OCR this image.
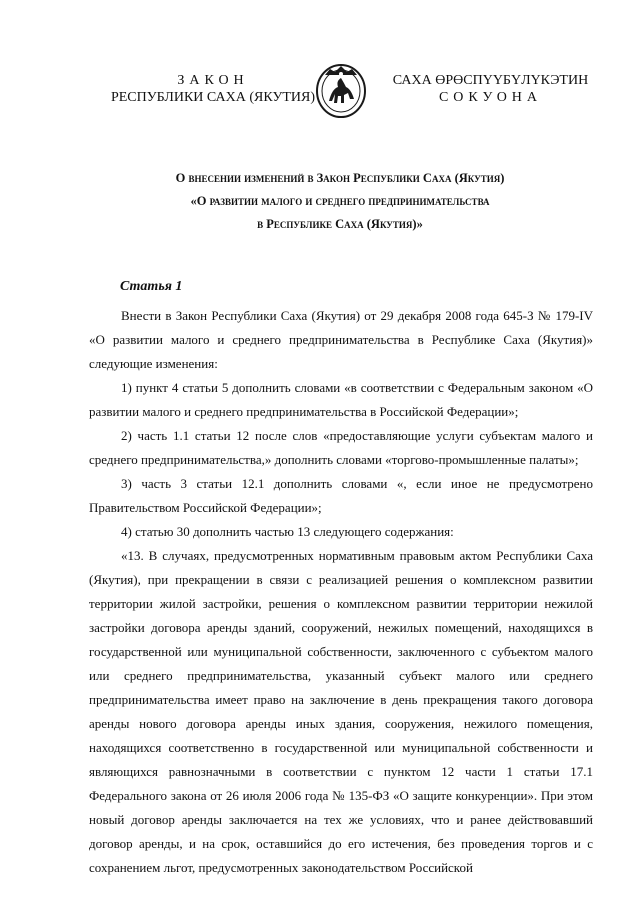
ЗАКОН
РЕСПУБЛИКИ САХА (ЯКУТИЯ)
САХА ӨРӨСПҮҮБҮЛҮКЭТИН
СОКУОНА
О внесении изменений в Закон Республики Саха (Якутия)
«О развитии малого и среднего предпринимательства
в Республике Саха (Якутия)»
Статья 1

Внести в Закон Республики Саха (Якутия) от 29 декабря 2008 года 645-З № 179-IV «О развитии малого и среднего предпринимательства в Республике Саха (Якутия)» следующие изменения:

1) пункт 4 статьи 5 дополнить словами «в соответствии с Федеральным законом «О развитии малого и среднего предпринимательства в Российской Федерации»;

2) часть 1.1 статьи 12 после слов «предоставляющие услуги субъектам малого и среднего предпринимательства,» дополнить словами «торгово-промышленные палаты»;

3) часть 3 статьи 12.1 дополнить словами «, если иное не предусмотрено Правительством Российской Федерации»;

4) статью 30 дополнить частью 13 следующего содержания:

«13. В случаях, предусмотренных нормативным правовым актом Республики Саха (Якутия), при прекращении в связи с реализацией решения о комплексном развитии территории жилой застройки, решения о комплексном развитии территории нежилой застройки договора аренды зданий, сооружений, нежилых помещений, находящихся в государственной или муниципальной собственности, заключенного с субъектом малого или среднего предпринимательства, указанный субъект малого или среднего предпринимательства имеет право на заключение в день прекращения такого договора аренды нового договора аренды иных здания, сооружения, нежилого помещения, находящихся соответственно в государственной или муниципальной собственности и являющихся равнозначными в соответствии с пунктом 12 части 1 статьи 17.1 Федерального закона от 26 июля 2006 года № 135-ФЗ «О защите конкуренции». При этом новый договор аренды заключается на тех же условиях, что и ранее действовавший договор аренды, и на срок, оставшийся до его истечения, без проведения торгов и с сохранением льгот, предусмотренных законодательством Российской
